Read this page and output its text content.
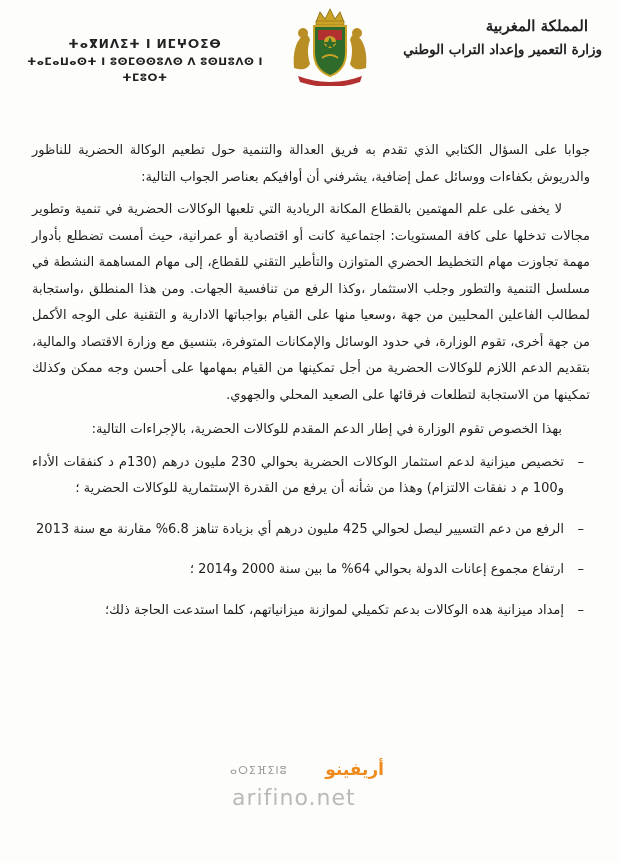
المملكة المغربية
وزارة التعمير وإعداد التراب الوطني
ⵜⴰⴳⵍⴷⵉⵜ ⵏ ⵍⵎⵖⵔⵉⴱ
ⵜⴰⵎⴰⵡⴰⵙⵜ ⵏ ⵓⵙⵎⵙⵙⵓⴷⵙ ⴷ ⵓⵙⵡⵓⴷⵙ ⵏ ⵜⵎⵓⵔⵜ

جوابا على السؤال الكتابي الذي تقدم به فريق العدالة والتنمية حول تطعيم الوكالة الحضرية للناظور والدريوش بكفاءات ووسائل عمل إضافية، يشرفني أن أوافيكم بعناصر الجواب التالية:

لا يخفى على علم المهتمين بالقطاع المكانة الريادية التي تلعبها الوكالات الحضرية في تنمية وتطوير مجالات تدخلها على كافة المستويات: اجتماعية كانت أو اقتصادية أو عمرانية، حيث أمست تضطلع بأدوار مهمة تجاوزت مهام التخطيط الحضري المتوازن والتأطير التقني للقطاع، إلى مهام المساهمة النشطة في مسلسل التنمية والتطور وجلب الاستثمار ،وكذا الرفع من تنافسية الجهات. ومن هذا المنطلق ،واستجابة لمطالب الفاعلين المحليين من جهة ،وسعيا منها على القيام بواجباتها الادارية و التقنية على الوجه الأكمل من جهة أخرى، تقوم الوزارة، في حدود الوسائل والإمكانات المتوفرة، بتنسيق مع وزارة الاقتصاد والمالية، بتقديم الدعم اللازم للوكالات الحضرية من أجل تمكينها من القيام بمهامها على أحسن وجه ممكن وكذلك تمكينها من الاستجابة لتطلعات فرقائها على الصعيد المحلي والجهوي.

بهذا الخصوص تقوم الوزارة في إطار الدعم المقدم للوكالات الحضرية، بالإجراءات التالية:

–
تخصيص ميزانية لدعم استثمار الوكالات الحضرية بحوالي 230 مليون درهم (130م د كنفقات الأداء و100 م د نفقات الالتزام) وهذا من شأنه أن يرفع من القدرة الإستثمارية للوكالات الحضرية ؛
–
الرفع من دعم التسيير ليصل لحوالي 425 مليون درهم أي بزيادة تناهز 6.8% مقارنة مع سنة 2013
–
ارتفاع مجموع إعانات الدولة بحوالي 64% ما بين سنة 2000 و2014 ؛
–
إمداد ميزانية هده الوكالات بدعم تكميلي لموازنة ميزانياتهم، كلما استدعت الحاجة ذلك؛
ⴰⵔⵉⴼⵉⵏⵓ أريفينو
arifino.net
